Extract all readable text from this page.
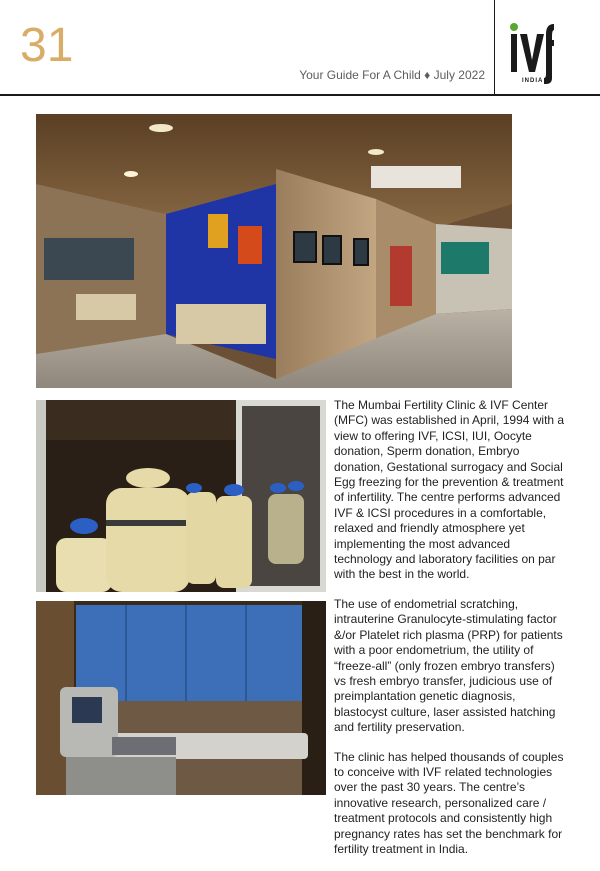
31
Your Guide For A Child ♦ July 2022	INDIA

The Mumbai Fertility Clinic & IVF Center (MFC) was established in April, 1994 with a view to offering IVF, ICSI, IUI, Oocyte donation, Sperm donation, Embryo donation, Gestational surrogacy and Social Egg freezing for the prevention & treatment of infertility. The centre performs advanced IVF & ICSI procedures in a comfortable, relaxed and friendly atmosphere yet implementing the most advanced technology and laboratory facilities on par with the best in the world.

The use of endometrial scratching, intrauterine Granulocyte-stimulating factor &/or Platelet rich plasma (PRP) for patients with a poor endometrium, the utility of “freeze-all” (only frozen embryo transfers) vs fresh embryo transfer, judicious use of preimplantation genetic diagnosis, blastocyst culture, laser assisted hatching and fertility preservation.

The clinic has helped thousands of couples to conceive with IVF related technologies over the past 30 years. The centre’s innovative research, personalized care / treatment protocols and consistently high pregnancy rates has set the benchmark for fertility treatment in India.
